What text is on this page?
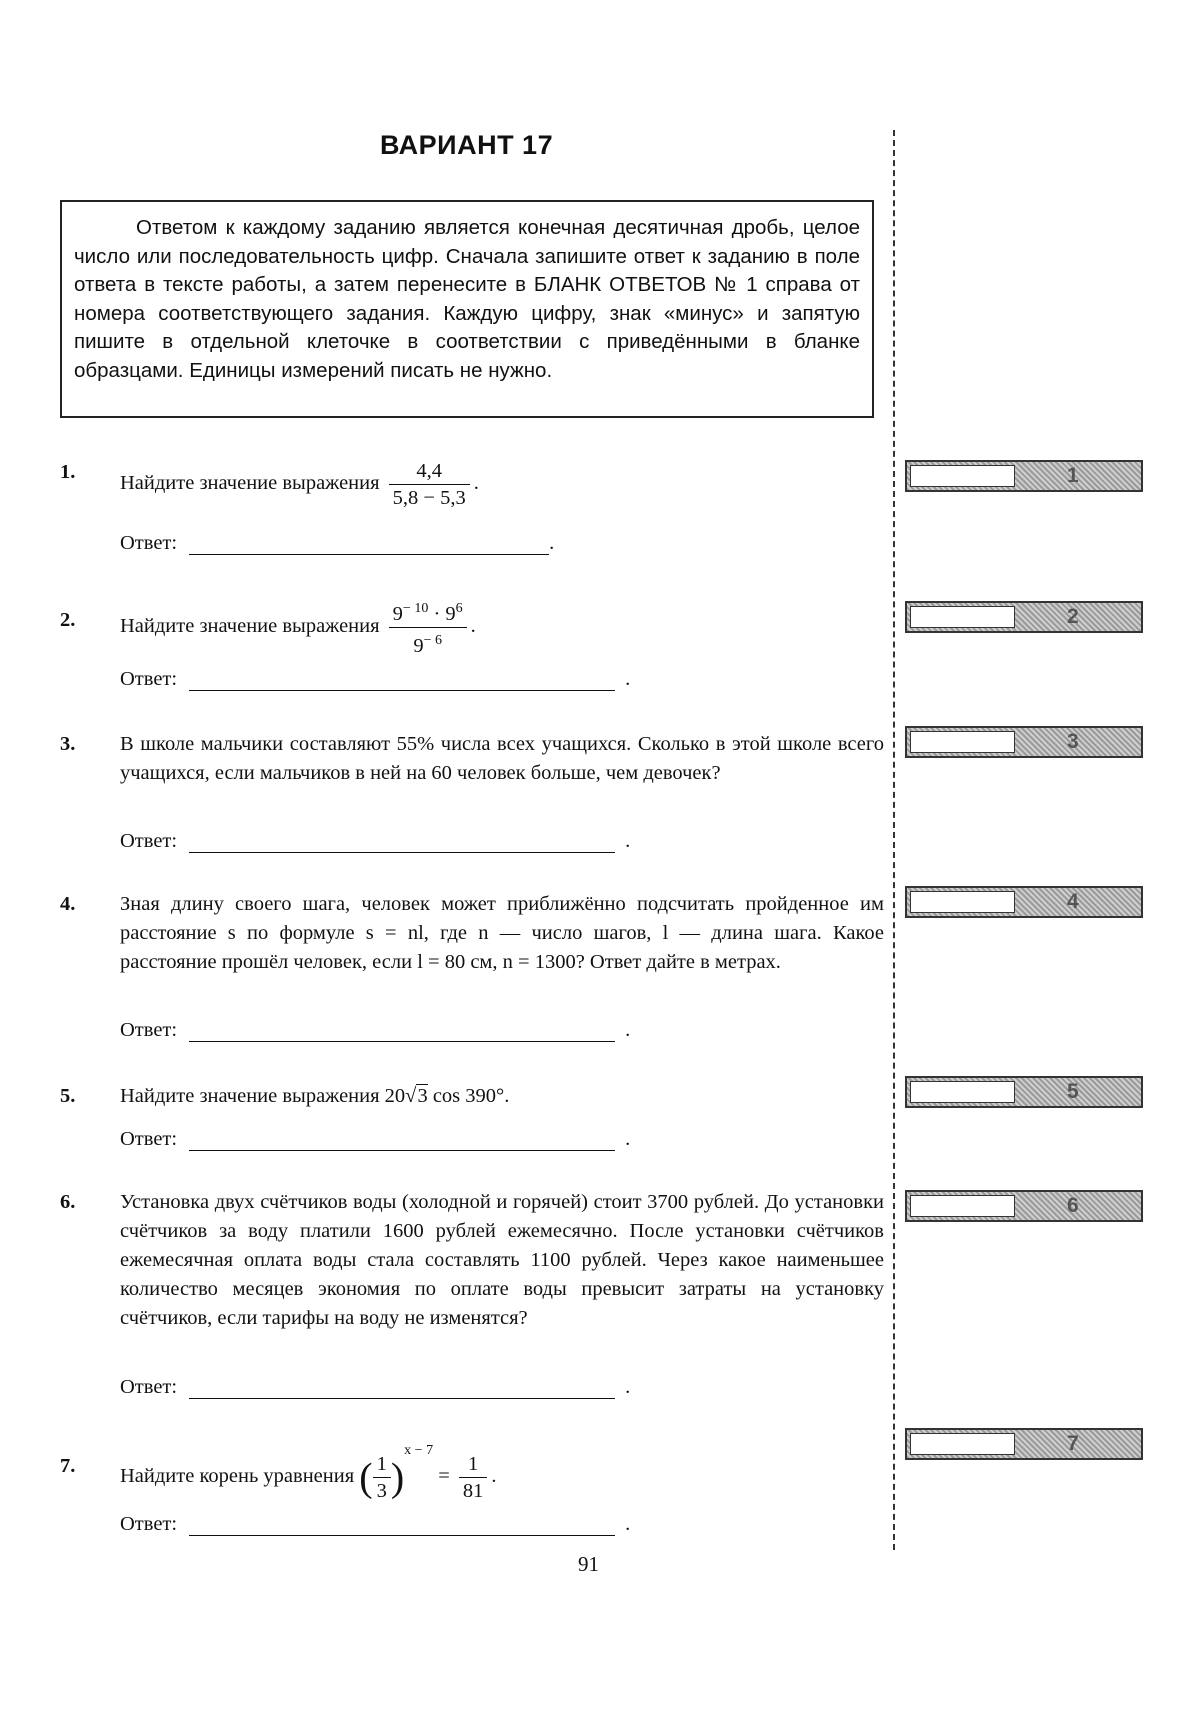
ВАРИАНТ 17
Ответом к каждому заданию является конечная десятичная дробь, целое число или последовательность цифр. Сначала запишите ответ к заданию в поле ответа в тексте работы, а затем перенесите в БЛАНК ОТВЕТОВ № 1 справа от номера соответствующего задания. Каждую цифру, знак «минус» и запятую пишите в отдельной клеточке в соответствии с приведёнными в бланке образцами. Единицы измерений писать не нужно.
1.
Найдите значение выражения $\frac{4,4}{5,8 - 5,3}$ .
Ответ:	.
2. Найдите значение выражения $\frac{9^{- 10} \cdot 9^6}{9^{- 6}}$ .
Ответ:	.
3. В школе мальчики составляют 55% числа всех учащихся. Сколько в этой школе всего учащихся, если мальчиков в ней на 60 человек больше, чем девочек?
Ответ:	.
4. Зная длину своего шага, человек может приближённо подсчитать пройденное им расстояние s по формуле s = nl, где n — число шагов, l — длина шага. Какое расстояние прошёл человек, если l = 80 см, n = 1300? Ответ дайте в метрах.
Ответ:	.
5. Найдите значение выражения 20√3 cos 390°.
Ответ:	.
6. Установка двух счётчиков воды (холодной и горячей) стоит 3700 рублей. До установки счётчиков за воду платили 1600 рублей ежемесячно. После установки счётчиков ежемесячная оплата воды стала составлять 1100 рублей. Через какое наименьшее количество месяцев экономия по оплате воды превысит затраты на установку счётчиков, если тарифы на воду не изменятся?
Ответ:	.
7. Найдите корень уравнения ( $\frac{1}{3} )^{x - 7} = \frac{1}{81}$ .
Ответ:	.
1
2
3
4
5
6
7
91
